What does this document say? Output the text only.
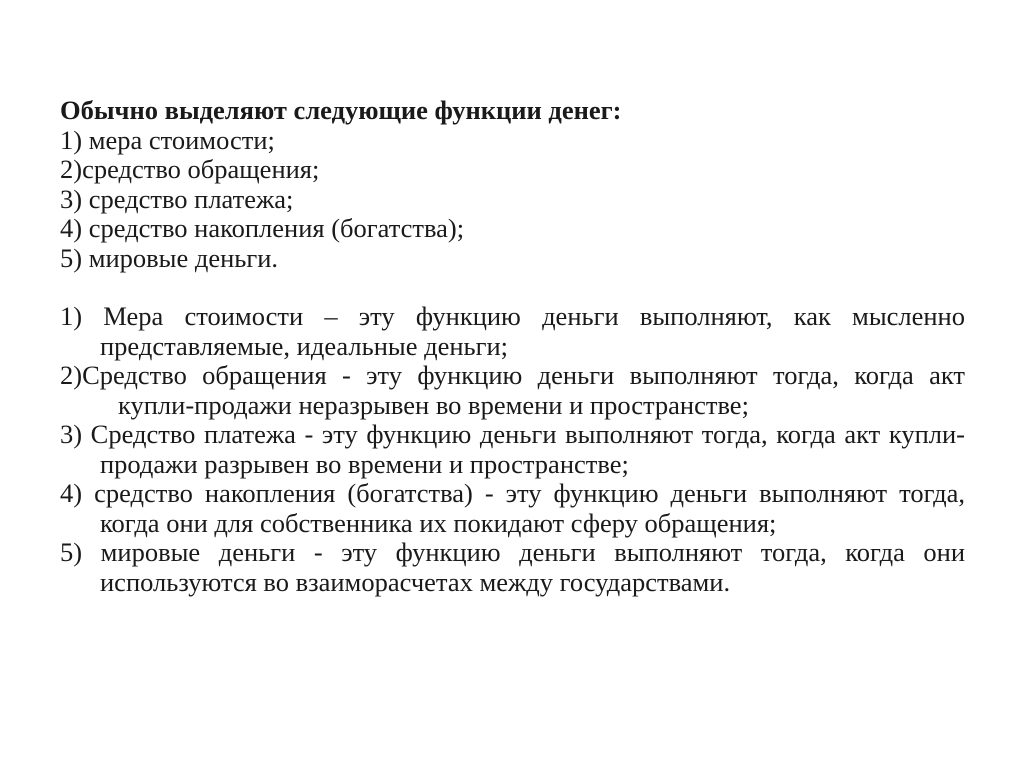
Обычно выделяют следующие функции денег:

1) мера стоимости;
2)средство обращения;
3) средство платежа;
4) средство накопления (богатства);
5) мировые деньги.
1) Мера стоимости – эту функцию деньги выполняют, как мысленно представляемые, идеальные деньги;
2)Средство обращения - эту функцию деньги выполняют тогда, когда акт купли-продажи неразрывен во времени и пространстве;
3) Средство платежа - эту функцию деньги выполняют тогда, когда акт купли-продажи разрывен во времени и пространстве;
4) средство накопления (богатства) - эту функцию деньги выполняют тогда, когда они для собственника их покидают сферу обращения;
5) мировые деньги - эту функцию деньги выполняют тогда, когда они используются во взаиморасчетах между государствами.
